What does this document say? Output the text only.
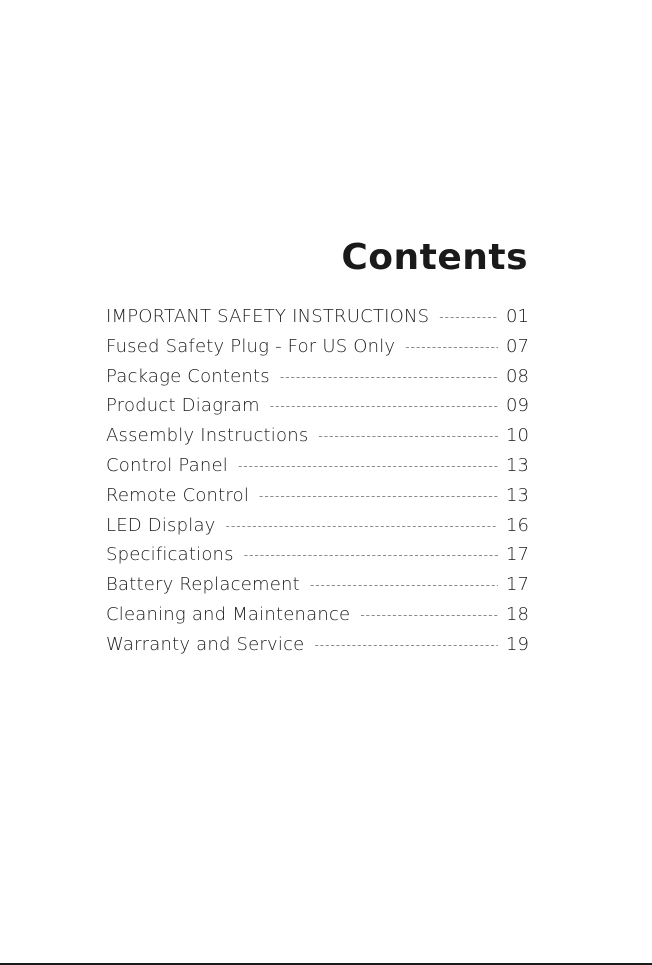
Contents
IMPORTANT SAFETY INSTRUCTIONS -----	01
Fused Safety Plug - For US Only -----	07
Package Contents -----	08
Product Diagram -----	09
Assembly Instructions -----	10
Control Panel -----	13
Remote Control -----	13
LED Display -----	16
Specifications -----	17
Battery Replacement -----	17
Cleaning and Maintenance -----	18
Warranty and Service -----	19
